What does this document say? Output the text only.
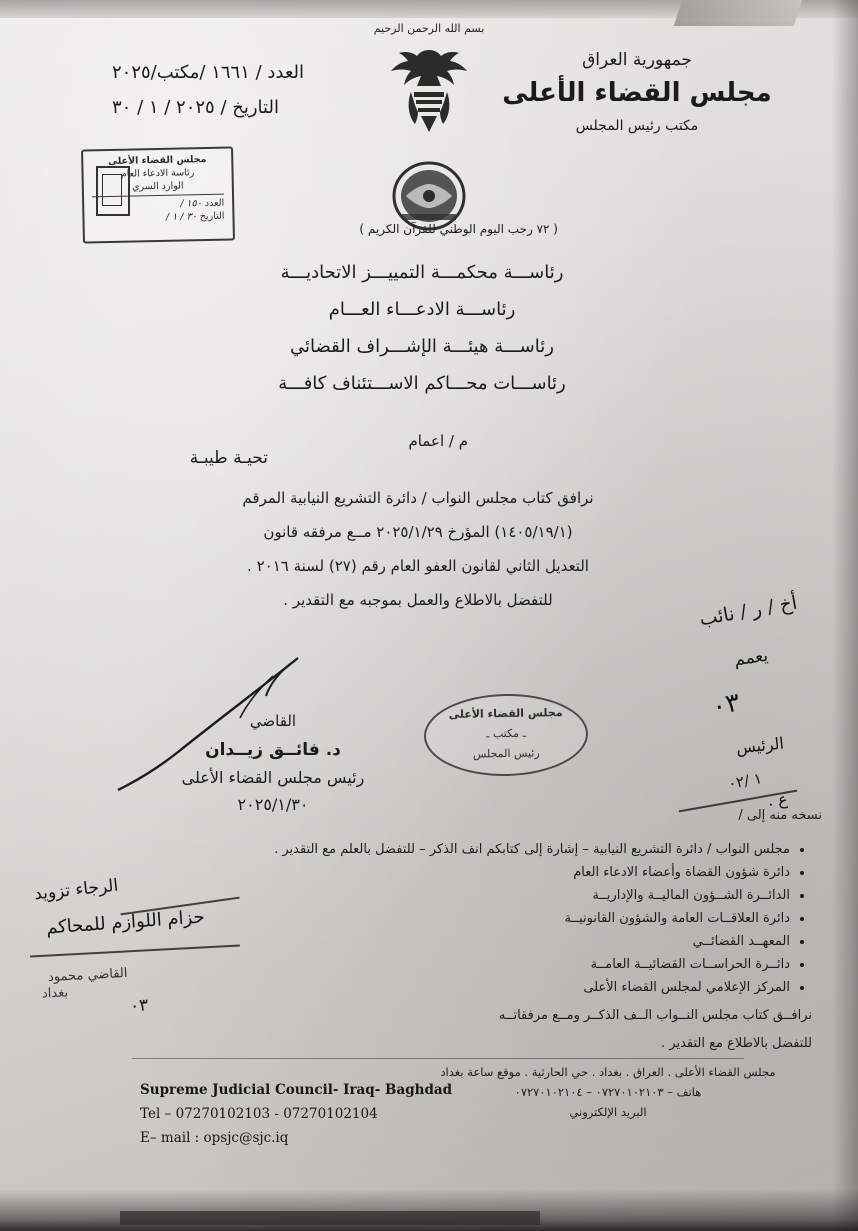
بسم الله الرحمن الرحيم
جمهورية العراق
مجلس القضاء الأعلى
مكتب رئيس المجلس
العدد / ١٦٦١ /مكتب/٢٠٢٥
التاريخ / ٢٠٢٥ / ١ / ٣٠
( ٢٧ رجب اليوم الوطني للقرآن الكريم )
مجلس القضاء الأعلى
رئاسة الادعاء العام
الوارد السري
العدد ١٥٠ /
التاريخ ٣٠ / ١ /
رئاســـة محكمـــة التمييـــز الاتحاديـــة
رئاســـة الادعـــاء العـــام
رئاســـة هيئـــة الإشـــراف القضائي
رئاســـات محـــاكم الاســـتئناف كافـــة
م / اعمام
تحيـة طيبـة

نرافق كتاب مجلس النواب / دائرة التشريع النيابية المرقم

(١٤٠٥/١٩/١) المؤرخ ٢٠٢٥/١/٢٩ مــع مرفقه قانون

التعديل الثاني لقانون العفو العام رقم (٢٧) لسنة ٢٠١٦ .

للتفضل بالاطلاع والعمل بموجبه مع التقدير .

القاضي
د. فائــق زيــدان
رئيس مجلس القضاء الأعلى
٢٠٢٥/١/٣٠
مجلس القضاء الأعلى
ـ مكتب ـ
رئيس المجلس
نسخه منه إلى /
• مجلس النواب / دائرة التشريع النيابية – إشارة إلى كتابكم انف الذكر – للتفضل بالعلم مع التقدير .
• دائرة شؤون القضاة وأعضاء الادعاء العام
• الدائــرة الشــؤون الماليــة والإداريــة
• دائرة العلاقــات العامة والشؤون القانونيــة
• المعهــد القضائــي
• دائــرة الحراســات القضائيــة العامــة
• المركز الإعلامي لمجلس القضاء الأعلى
نرافــق كتاب مجلس النــواب الــف الذكــر ومــع مرفقاتــه
للتفضل بالاطلاع مع التقدير .
أخ / ر / نائب
يعمم
٣٠
الرئيس
١ /٢٠
ع .
الرجاء تزويد
حزام اللوازم للمحاكم
القاضي محمود
بغداد
٣٠
Supreme Judicial Council- Iraq- Baghdad
Tel – 07270102103 - 07270102104
E– mail : opsjc@sjc.iq
مجلس القضاء الأعلى . العراق . بغداد . حي الحارثية . موقع ساعة بغداد
هاتف – ٠٧٢٧٠١٠٢١٠٣ – ٠٧٢٧٠١٠٢١٠٤
البريد الإلكتروني
